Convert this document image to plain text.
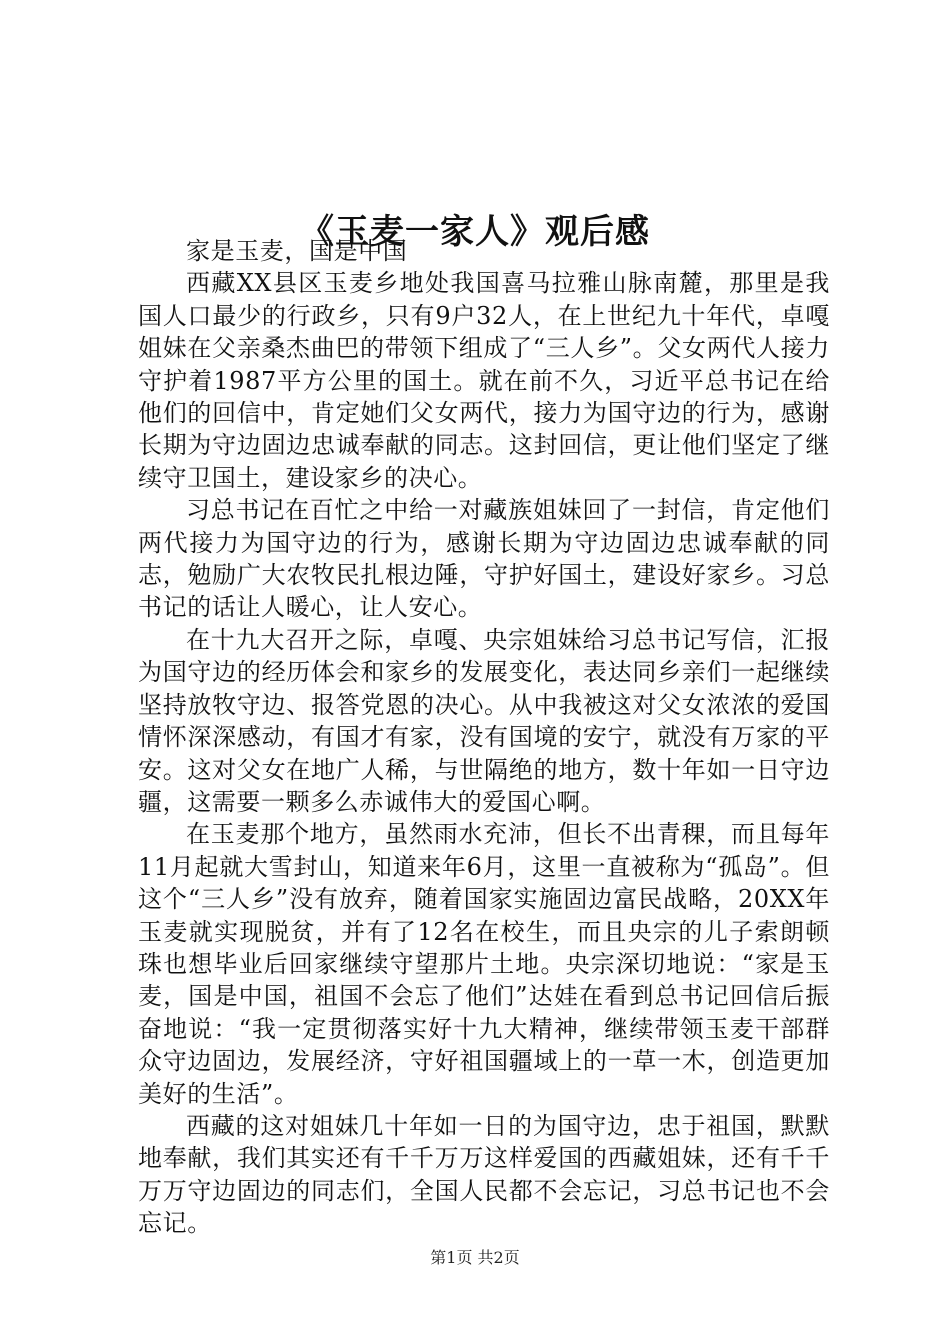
《玉麦一家人》观后感

家是玉麦，国是中国

西藏XX县区玉麦乡地处我国喜马拉雅山脉南麓，那里是我国人口最少的行政乡，只有9户32人，在上世纪九十年代，卓嘎姐妹在父亲桑杰曲巴的带领下组成了“三人乡”。父女两代人接力守护着1987平方公里的国土。就在前不久，习近平总书记在给他们的回信中，肯定她们父女两代，接力为国守边的行为，感谢长期为守边固边忠诚奉献的同志。这封回信，更让他们坚定了继续守卫国土，建设家乡的决心。

习总书记在百忙之中给一对藏族姐妹回了一封信，肯定他们两代接力为国守边的行为，感谢长期为守边固边忠诚奉献的同志，勉励广大农牧民扎根边陲，守护好国土，建设好家乡。习总书记的话让人暖心，让人安心。

在十九大召开之际，卓嘎、央宗姐妹给习总书记写信，汇报为国守边的经历体会和家乡的发展变化，表达同乡亲们一起继续坚持放牧守边、报答党恩的决心。从中我被这对父女浓浓的爱国情怀深深感动，有国才有家，没有国境的安宁，就没有万家的平安。这对父女在地广人稀，与世隔绝的地方，数十年如一日守边疆，这需要一颗多么赤诚伟大的爱国心啊。

在玉麦那个地方，虽然雨水充沛，但长不出青稞，而且每年11月起就大雪封山，知道来年6月，这里一直被称为“孤岛”。但这个“三人乡”没有放弃，随着国家实施固边富民战略，20XX年玉麦就实现脱贫，并有了12名在校生，而且央宗的儿子索朗顿珠也想毕业后回家继续守望那片土地。央宗深切地说：“家是玉麦，国是中国，祖国不会忘了他们”达娃在看到总书记回信后振奋地说：“我一定贯彻落实好十九大精神，继续带领玉麦干部群众守边固边，发展经济，守好祖国疆域上的一草一木，创造更加美好的生活”。

西藏的这对姐妹几十年如一日的为国守边，忠于祖国，默默地奉献，我们其实还有千千万万这样爱国的西藏姐妹，还有千千万万守边固边的同志们，全国人民都不会忘记，习总书记也不会忘记。

第1页 共2页
